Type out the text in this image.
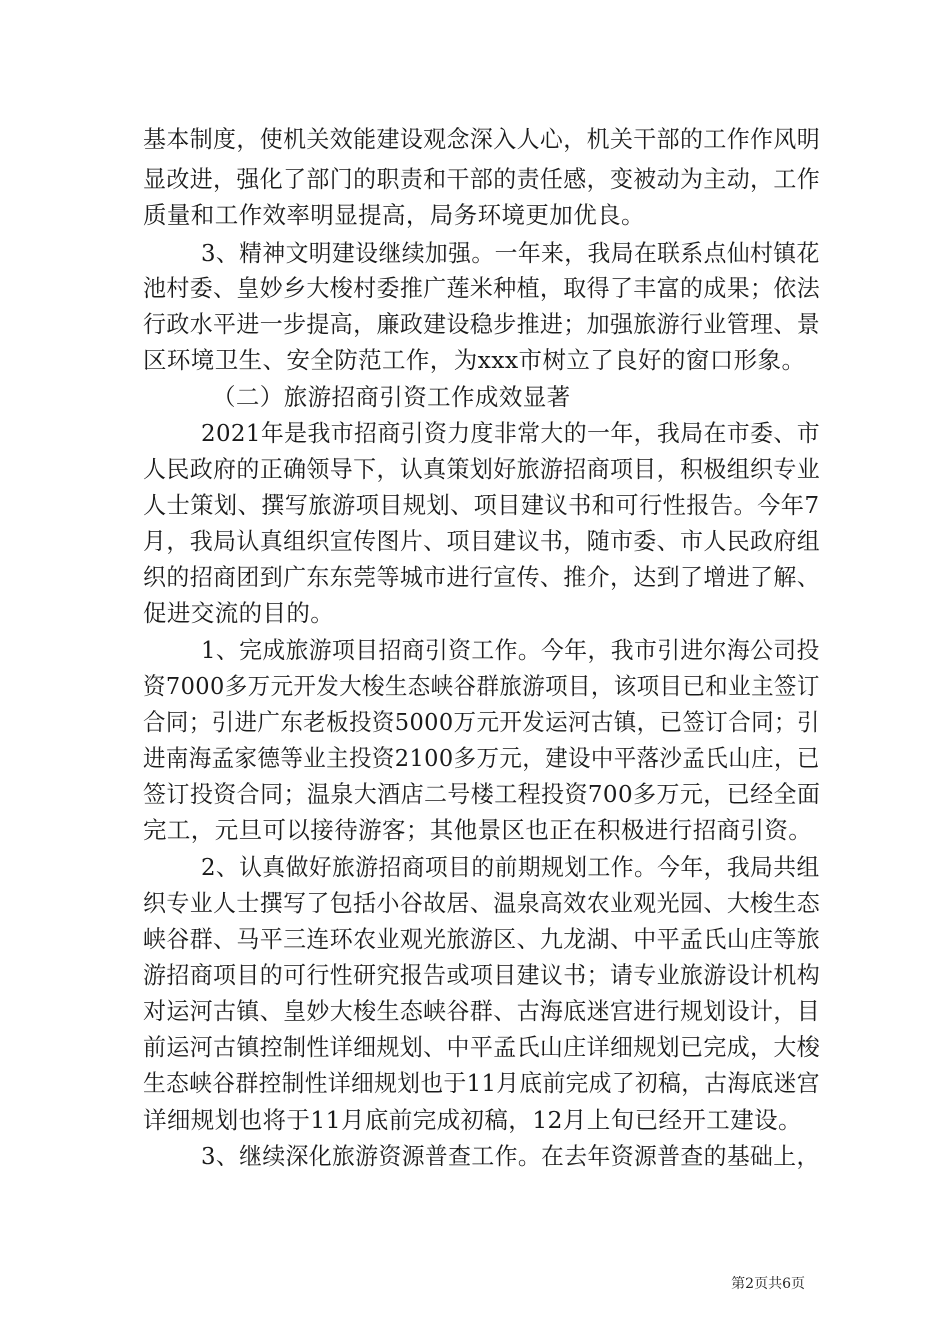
基本制度，使机关效能建设观念深入人心，机关干部的工作作风明
显改进，强化了部门的职责和干部的责任感，变被动为主动，工作
质量和工作效率明显提高，局务环境更加优良。
3、精神文明建设继续加强。一年来，我局在联系点仙村镇花
池村委、皇妙乡大梭村委推广莲米种植，取得了丰富的成果；依法
行政水平进一步提高，廉政建设稳步推进；加强旅游行业管理、景
区环境卫生、安全防范工作，为xxx市树立了良好的窗口形象。
（二）旅游招商引资工作成效显著
2021年是我市招商引资力度非常大的一年，我局在市委、市
人民政府的正确领导下，认真策划好旅游招商项目，积极组织专业
人士策划、撰写旅游项目规划、项目建议书和可行性报告。今年7
月，我局认真组织宣传图片、项目建议书，随市委、市人民政府组
织的招商团到广东东莞等城市进行宣传、推介，达到了增进了解、
促进交流的目的。
1、完成旅游项目招商引资工作。今年，我市引进尔海公司投
资7000多万元开发大梭生态峡谷群旅游项目，该项目已和业主签订
合同；引进广东老板投资5000万元开发运河古镇，已签订合同；引
进南海孟家德等业主投资2100多万元，建设中平落沙孟氏山庄，已
签订投资合同；温泉大酒店二号楼工程投资700多万元，已经全面
完工，元旦可以接待游客；其他景区也正在积极进行招商引资。
2、认真做好旅游招商项目的前期规划工作。今年，我局共组
织专业人士撰写了包括小谷故居、温泉高效农业观光园、大梭生态
峡谷群、马平三连环农业观光旅游区、九龙湖、中平孟氏山庄等旅
游招商项目的可行性研究报告或项目建议书；请专业旅游设计机构
对运河古镇、皇妙大梭生态峡谷群、古海底迷宫进行规划设计，目
前运河古镇控制性详细规划、中平孟氏山庄详细规划已完成，大梭
生态峡谷群控制性详细规划也于11月底前完成了初稿，古海底迷宫
详细规划也将于11月底前完成初稿，12月上旬已经开工建设。
3、继续深化旅游资源普查工作。在去年资源普查的基础上，
第2页共6页
